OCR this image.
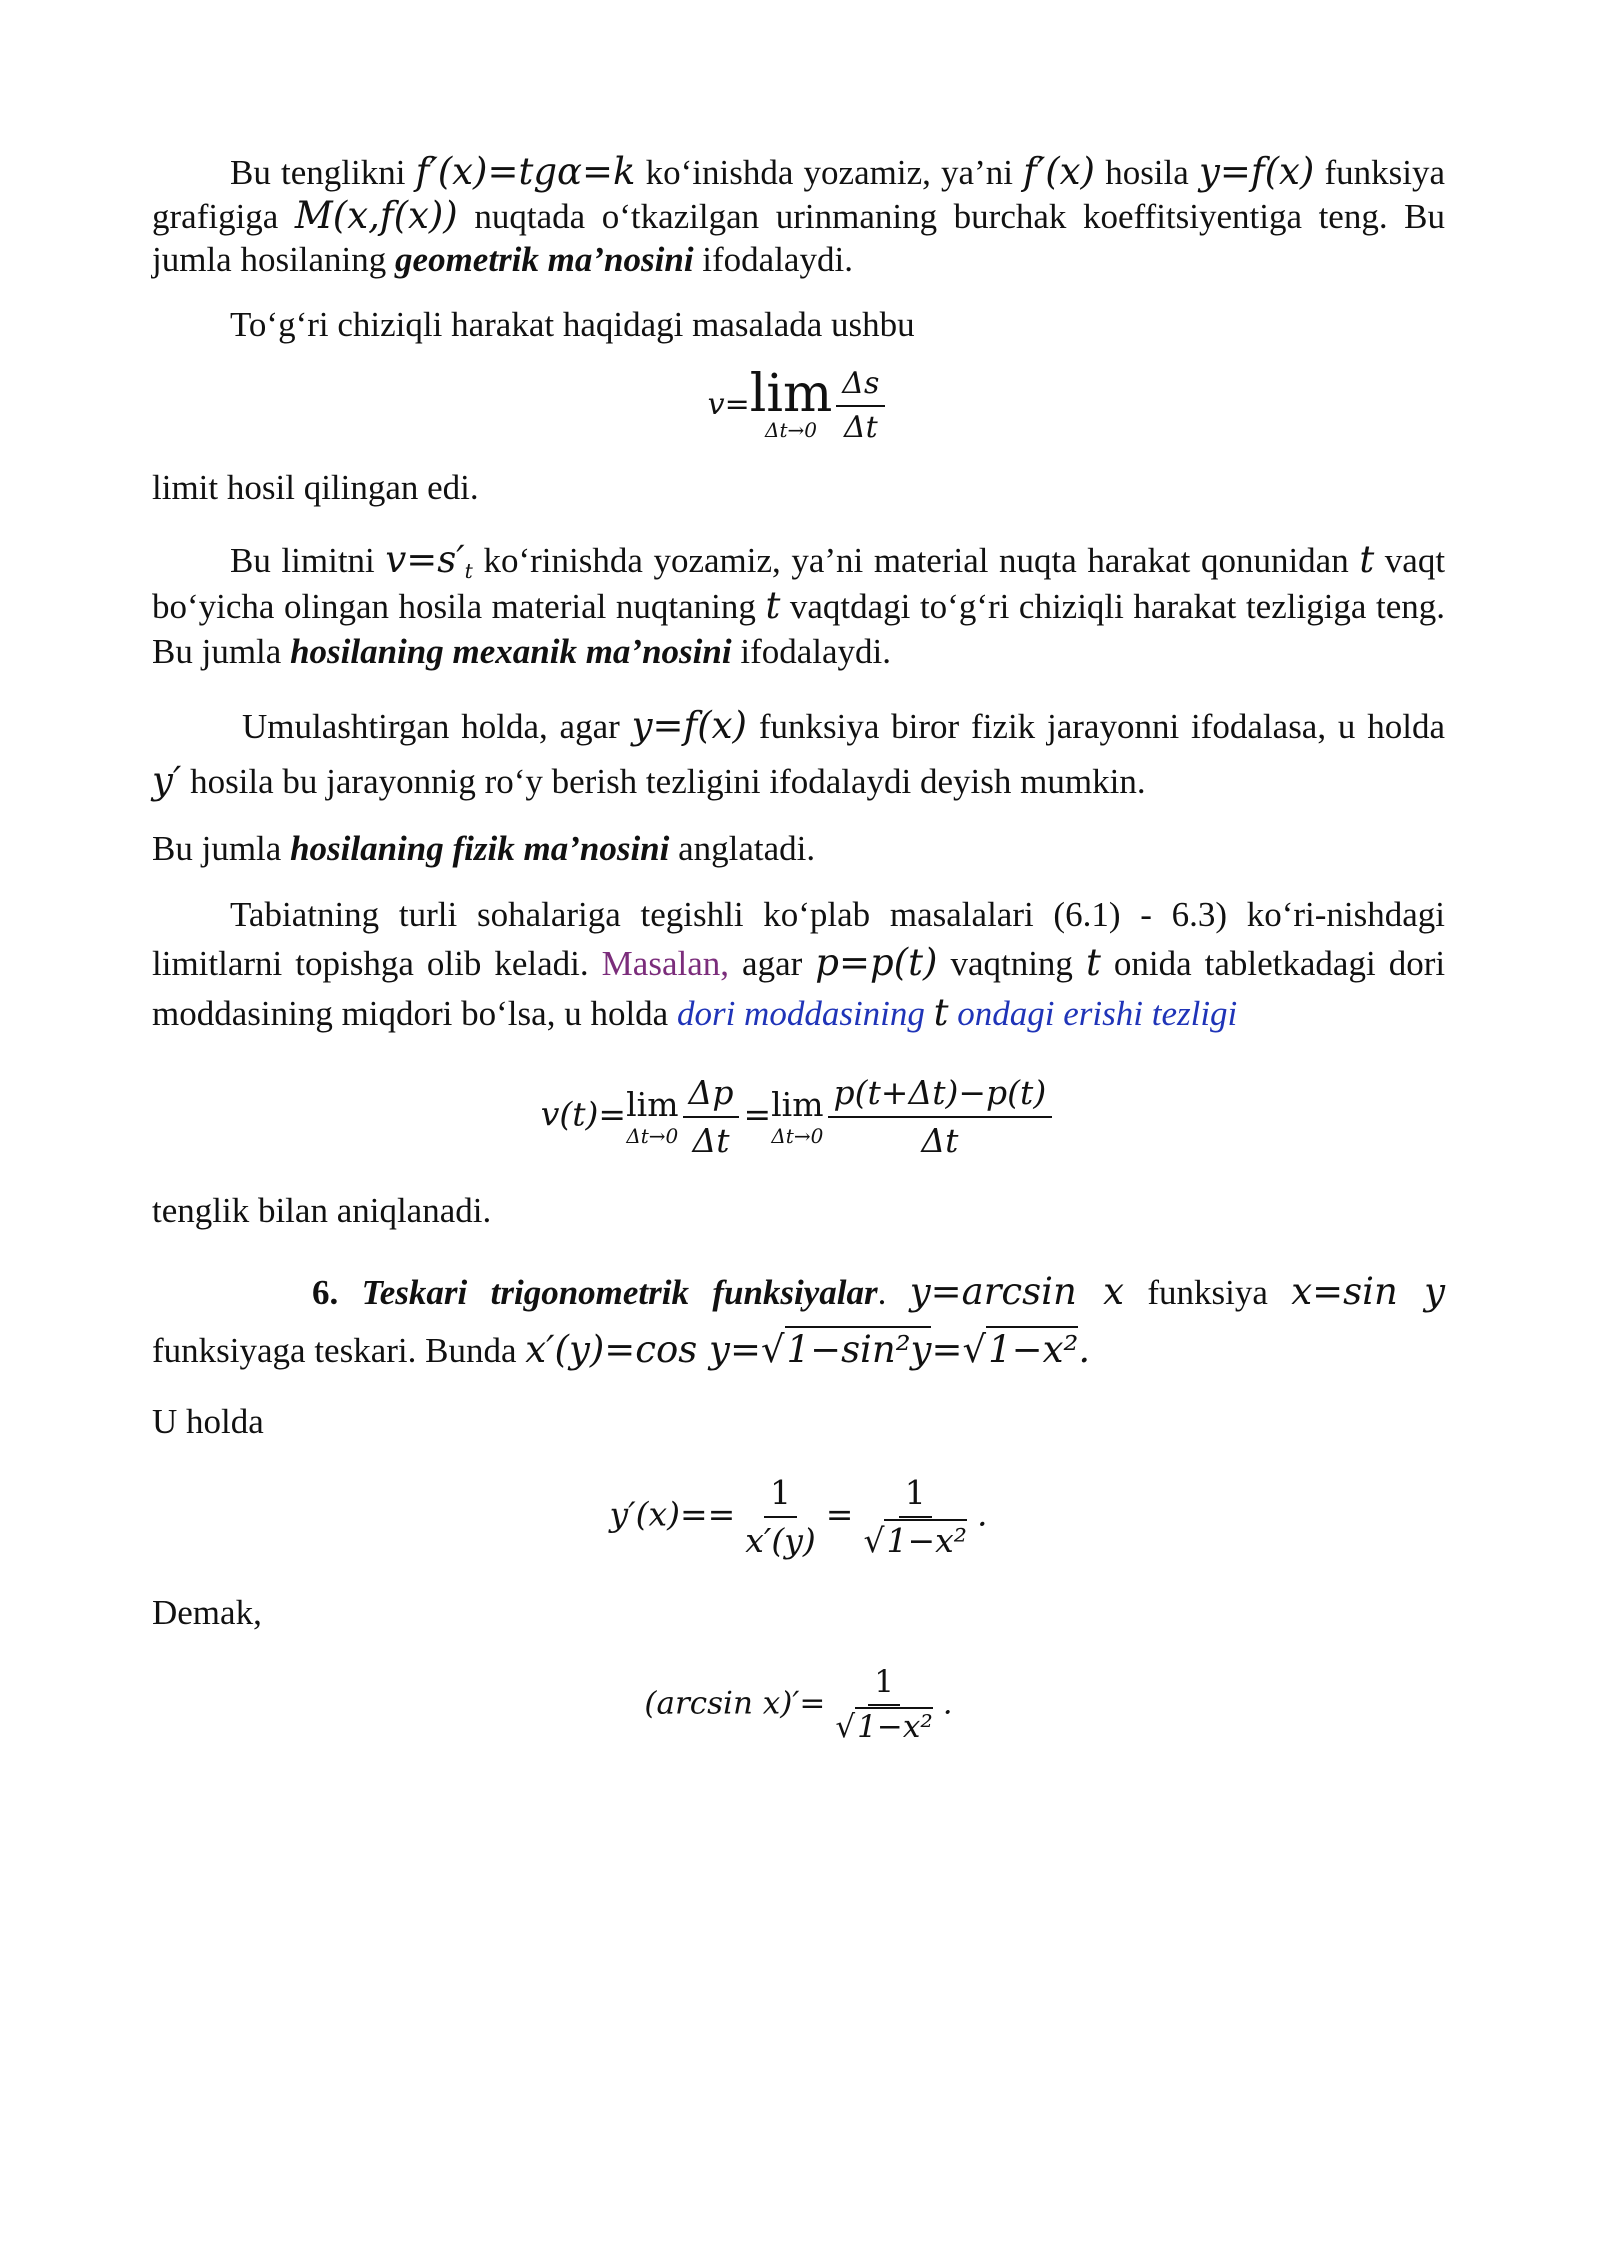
Bu tenglikni f′(x)=tgα=k ko‘inishda yozamiz, ya’ni f′(x) hosila y=f(x) funksiya grafigiga M(x,f(x)) nuqtada o‘tkazilgan urinmaning burchak koeffitsiyentiga teng. Bu jumla hosilaning geometrik ma’nosini ifodalaydi.

To‘g‘ri chiziqli harakat haqidagi masalada ushbu

v= lim
$\Delta t\to 0 \frac{\Delta s}{\Delta t}$

limit hosil qilingan edi.

Bu limitni $v=s'_t$ ko‘rinishda yozamiz, ya’ni material nuqta harakat qonunidan t vaqt bo‘yicha olingan hosila material nuqtaning t vaqtdagi to‘g‘ri chiziqli harakat tezligiga teng. Bu jumla hosilaning mexanik ma’nosini ifodalaydi.

Umulashtirgan holda, agar y=f(x) funksiya biror fizik jarayonni ifodalasa, u holda y′ hosila bu jarayonnig ro‘y berish tezligini ifodalaydi deyish mumkin.

Bu jumla hosilaning fizik ma’nosini anglatadi.

Tabiatning turli sohalariga tegishli ko‘plab masalalari (6.1) - 6.3) ko‘ri-nishdagi limitlarni topishga olib keladi. Masalan, agar p=p(t) vaqtning t onida tabletkadagi dori moddasining miqdori bo‘lsa, u holda dori moddasining t ondagi erishi tezligi

v(t)= lim
$\Delta t\to 0 \frac{\Delta p}{\Delta t} = \lim$
$\Delta t\to 0 \frac{p(t+\Delta t)-p(t)}{\Delta t}$

tenglik bilan aniqlanadi.

6. Teskari trigonometrik funksiyalar. y=arcsin x funksiya x=sin y funksiyaga teskari. Bunda x′(y)=cos y=√1−sin²y=√1−x².

U holda

$y'(x)== \frac{1}{x'(y)} = \frac{1}{\text{√1−x²}}$ .

Demak,

(arcsin $x)'= \frac{1}{\text{√1−x²}}$ .
